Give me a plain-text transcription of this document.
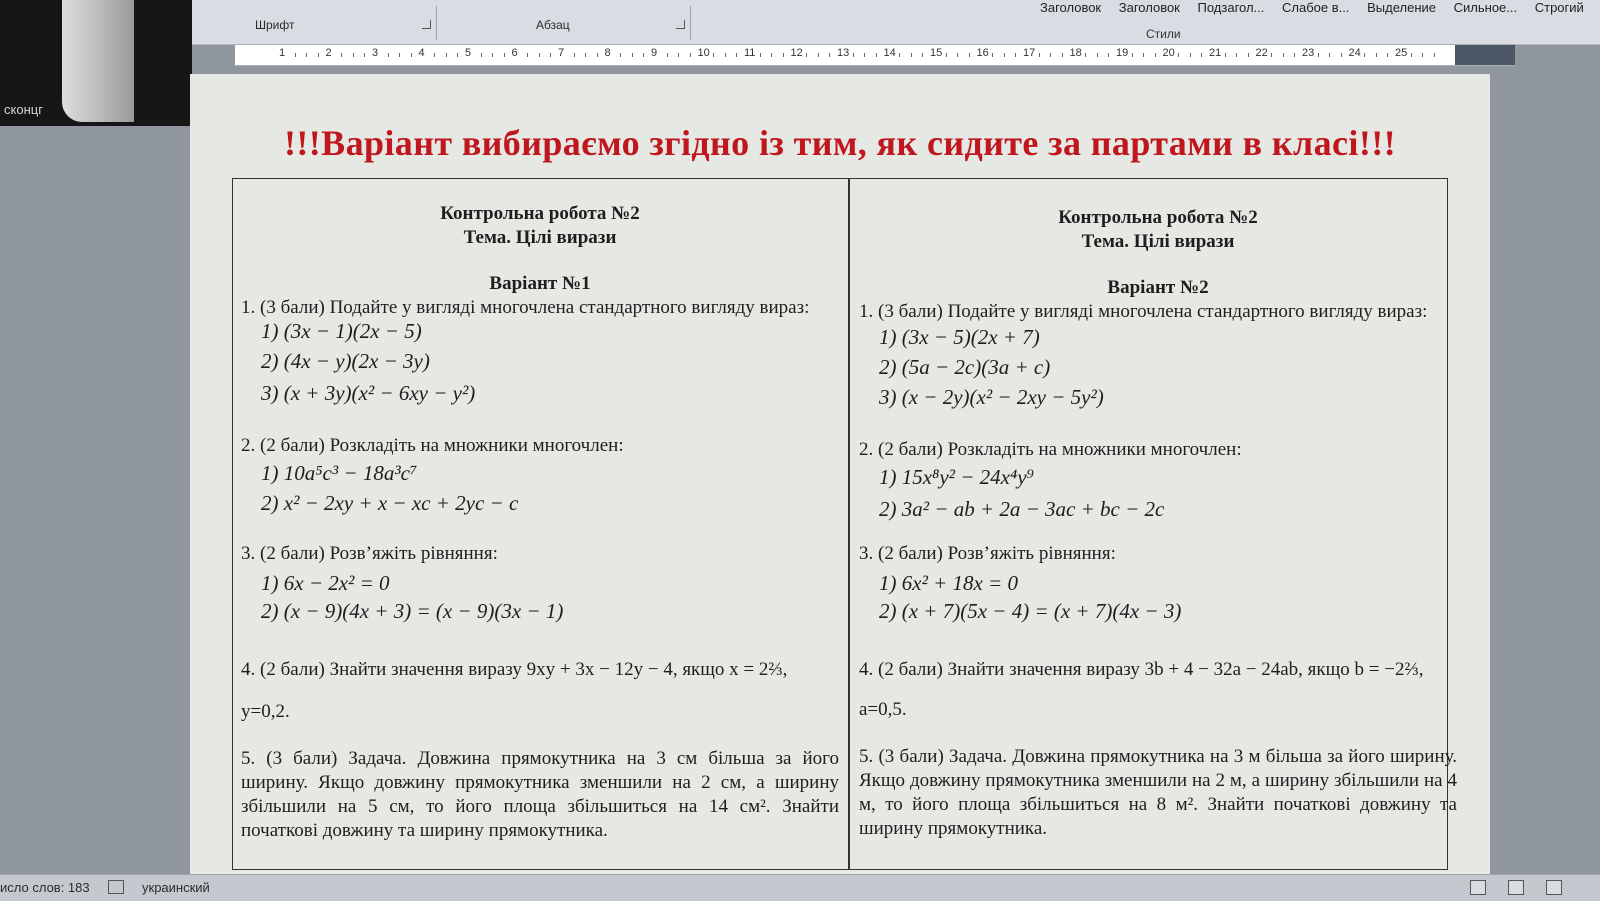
Шрифт	Абзац
Заголовок Заголовок Подзагол... Слабое в... Выделение Сильное... Строгий
Стили
1	2	3	4	5	6	7	8	9	10	11	12	13	14	15	16	17	18	19	20	21	22	23	24	25
сконцг
!!!Варіант вибираємо згідно із тим, як сидите за партами в класі!!!
Контрольна робота №2
Тема. Цілі вирази
Варіант №1
1. (3 бали) Подайте у вигляді многочлена стандартного вигляду вираз:
1) (3x − 1)(2x − 5)
2) (4x − y)(2x − 3y)
3) (x + 3y)(x² − 6xy − y²)
2. (2 бали) Розкладіть на множники многочлен:
1) 10a⁵c³ − 18a³c⁷
2) x² − 2xy + x − xc + 2yc − c
3. (2 бали) Розв’яжіть рівняння:
1) 6x − 2x² = 0
2) (x − 9)(4x + 3) = (x − 9)(3x − 1)
4. (2 бали) Знайти значення виразу 9xy + 3x − 12y − 4, якщо x = 2⅔,
y=0,2.
5. (3 бали) Задача. Довжина прямокутника на 3 см більша за його ширину. Якщо довжину прямокутника зменшили на 2 см, а ширину збільшили на 5 см, то його площа збільшиться на 14 см². Знайти початкові довжину та ширину прямокутника.
Контрольна робота №2
Тема. Цілі вирази
Варіант №2
1. (3 бали) Подайте у вигляді многочлена стандартного вигляду вираз:
1) (3x − 5)(2x + 7)
2) (5a − 2c)(3a + c)
3) (x − 2y)(x² − 2xy − 5y²)
2. (2 бали) Розкладіть на множники многочлен:
1) 15x⁸y² − 24x⁴y⁹
2) 3a² − ab + 2a − 3ac + bc − 2c
3. (2 бали) Розв’яжіть рівняння:
1) 6x² + 18x = 0
2) (x + 7)(5x − 4) = (x + 7)(4x − 3)
4. (2 бали) Знайти значення виразу 3b + 4 − 32a − 24ab, якщо b = −2⅔,
a=0,5.
5. (3 бали) Задача. Довжина прямокутника на 3 м більша за його ширину. Якщо довжину прямокутника зменшили на 2 м, а ширину збільшили на 4 м, то його площа збільшиться на 8 м². Знайти початкові довжину та ширину прямокутника.
исло слов: 183	украинский
